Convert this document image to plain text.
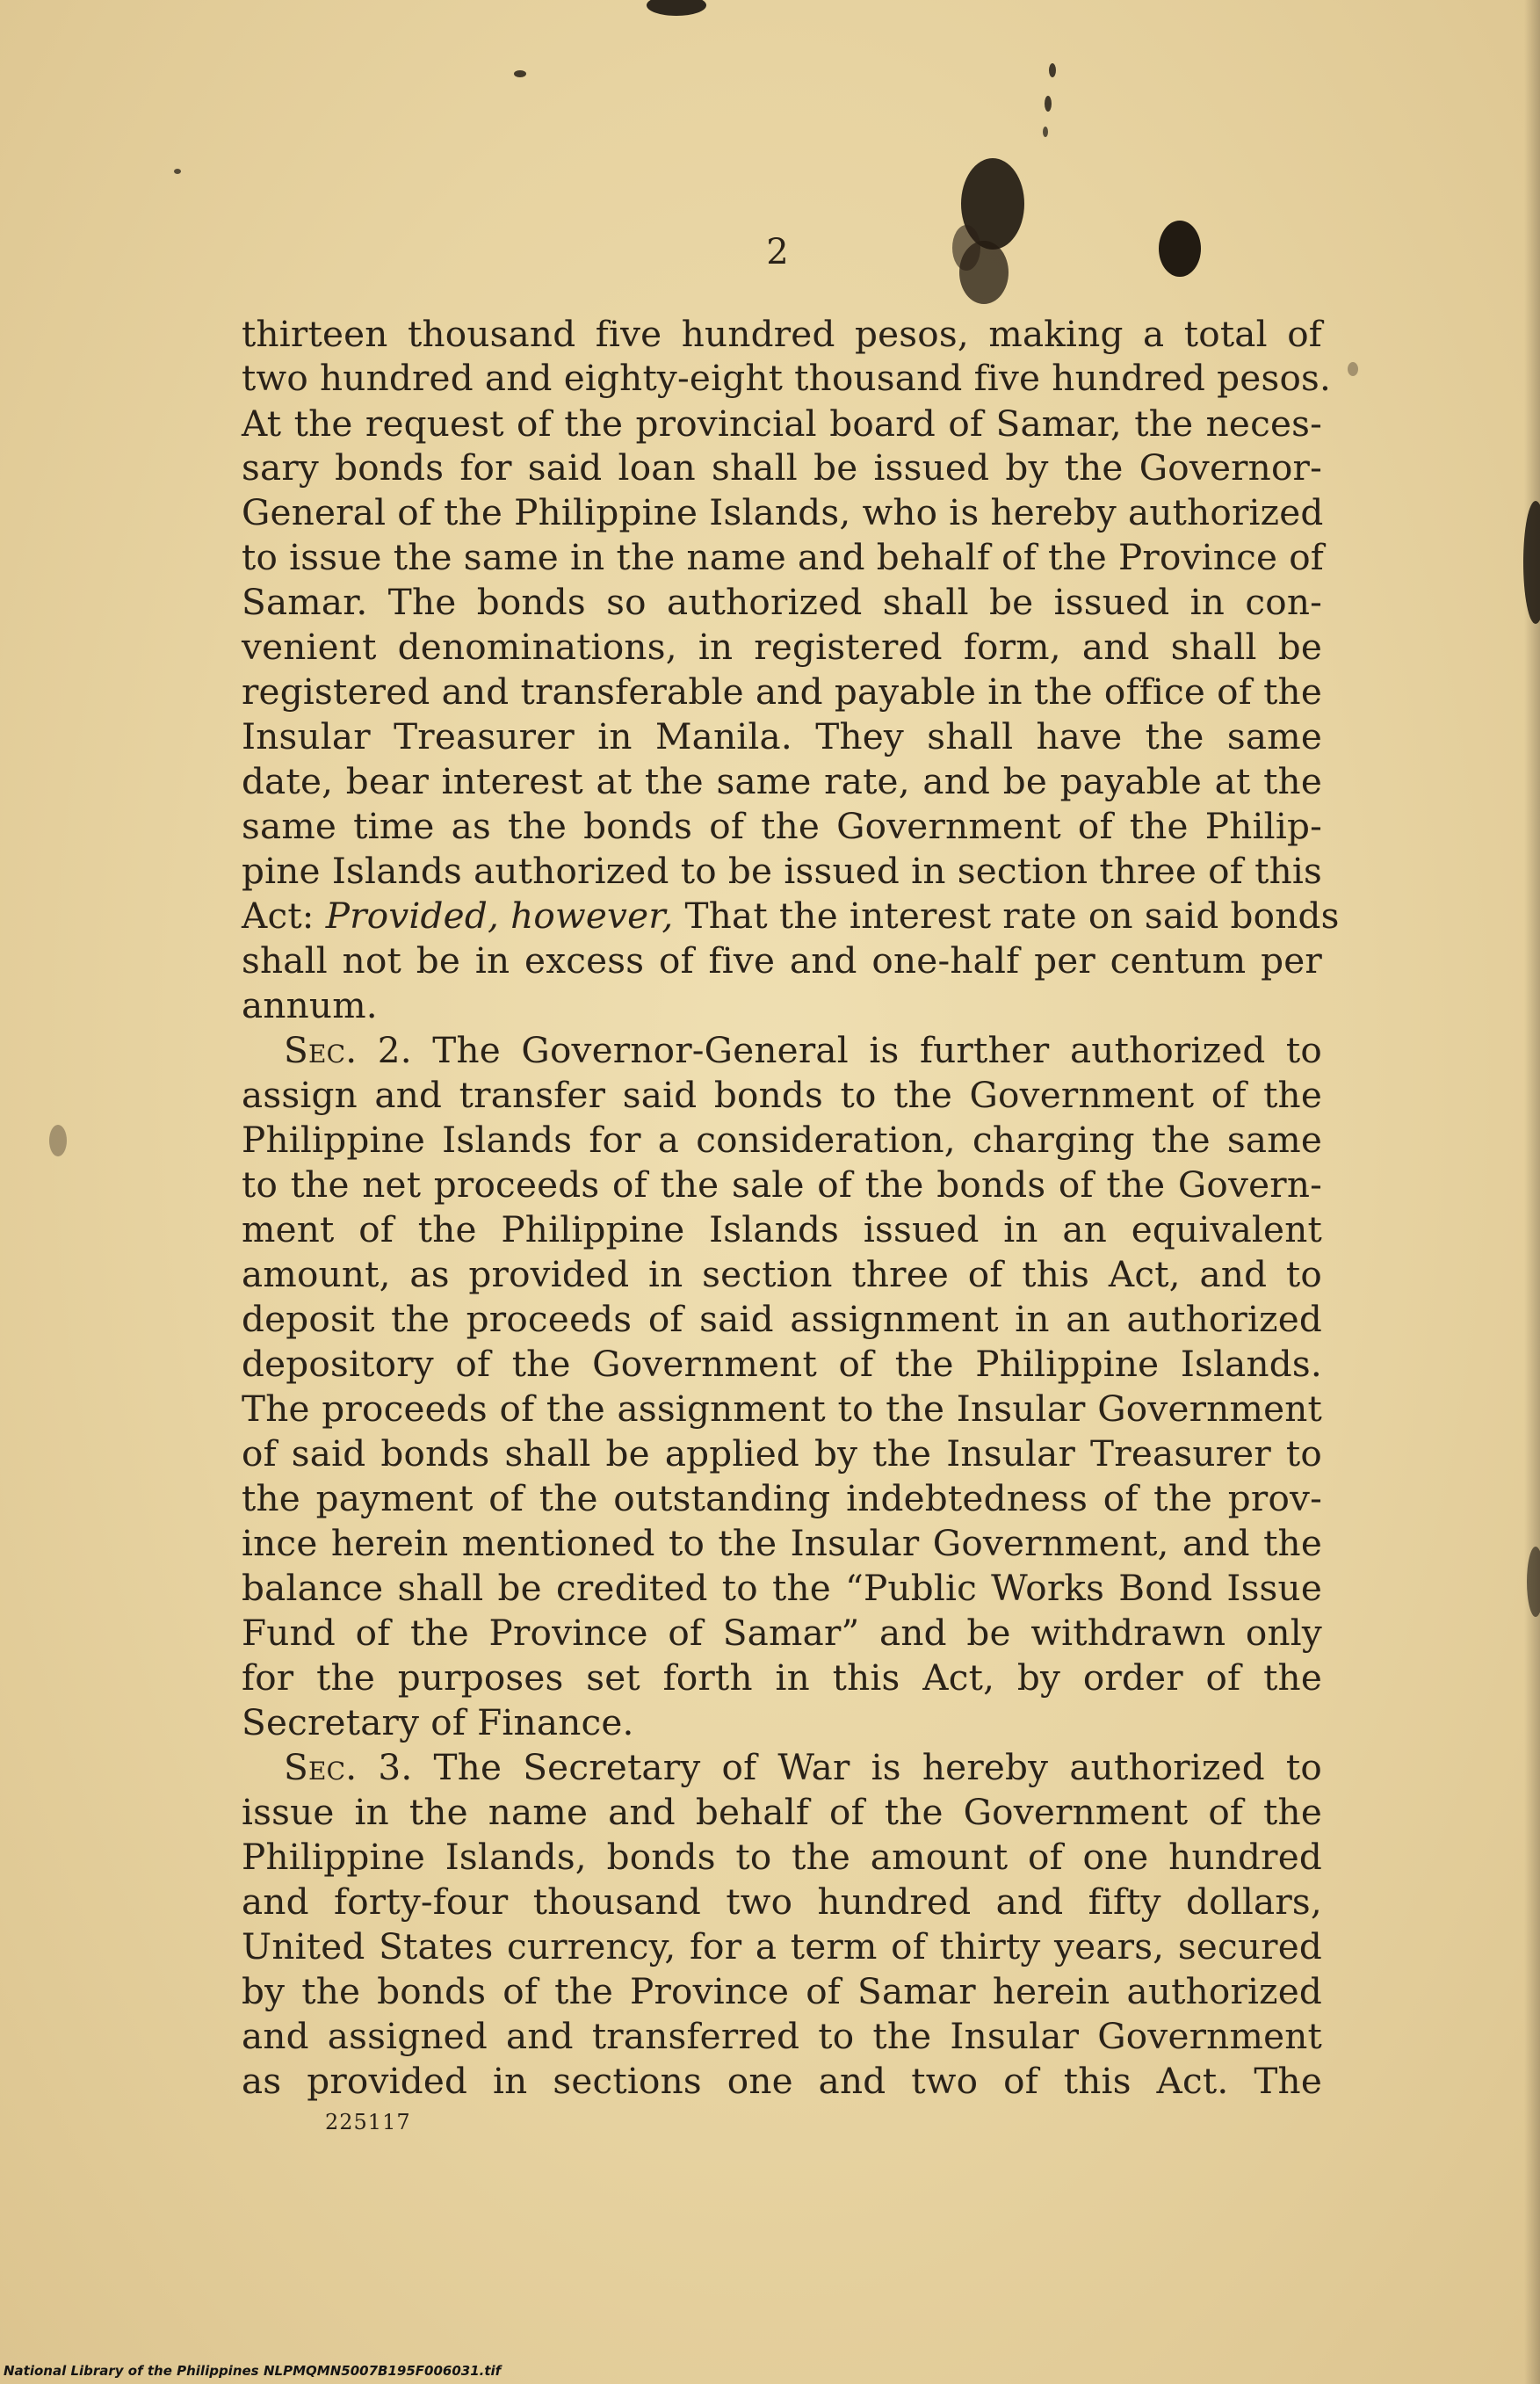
2
thirteen thousand five hundred pesos, making a total of
two hundred and eighty-eight thousand five hundred pesos.
At the request of the provincial board of Samar, the neces-
sary bonds for said loan shall be issued by the Governor-
General of the Philippine Islands, who is hereby authorized
to issue the same in the name and behalf of the Province of
Samar. The bonds so authorized shall be issued in con-
venient denominations, in registered form, and shall be
registered and transferable and payable in the office of the
Insular Treasurer in Manila. They shall have the same
date, bear interest at the same rate, and be payable at the
same time as the bonds of the Government of the Philip-
pine Islands authorized to be issued in section three of this
Act: Provided, however, That the interest rate on said bonds
shall not be in excess of five and one-half per centum per
annum.
Sec. 2. The Governor-General is further authorized to
assign and transfer said bonds to the Government of the
Philippine Islands for a consideration, charging the same
to the net proceeds of the sale of the bonds of the Govern-
ment of the Philippine Islands issued in an equivalent
amount, as provided in section three of this Act, and to
deposit the proceeds of said assignment in an authorized
depository of the Government of the Philippine Islands.
The proceeds of the assignment to the Insular Government
of said bonds shall be applied by the Insular Treasurer to
the payment of the outstanding indebtedness of the prov-
ince herein mentioned to the Insular Government, and the
balance shall be credited to the “Public Works Bond Issue
Fund of the Province of Samar” and be withdrawn only
for the purposes set forth in this Act, by order of the
Secretary of Finance.
Sec. 3. The Secretary of War is hereby authorized to
issue in the name and behalf of the Government of the
Philippine Islands, bonds to the amount of one hundred
and forty-four thousand two hundred and fifty dollars,
United States currency, for a term of thirty years, secured
by the bonds of the Province of Samar herein authorized
and assigned and transferred to the Insular Government
as provided in sections one and two of this Act. The
225117
National Library of the Philippines NLPMQMN5007B195F006031.tif
